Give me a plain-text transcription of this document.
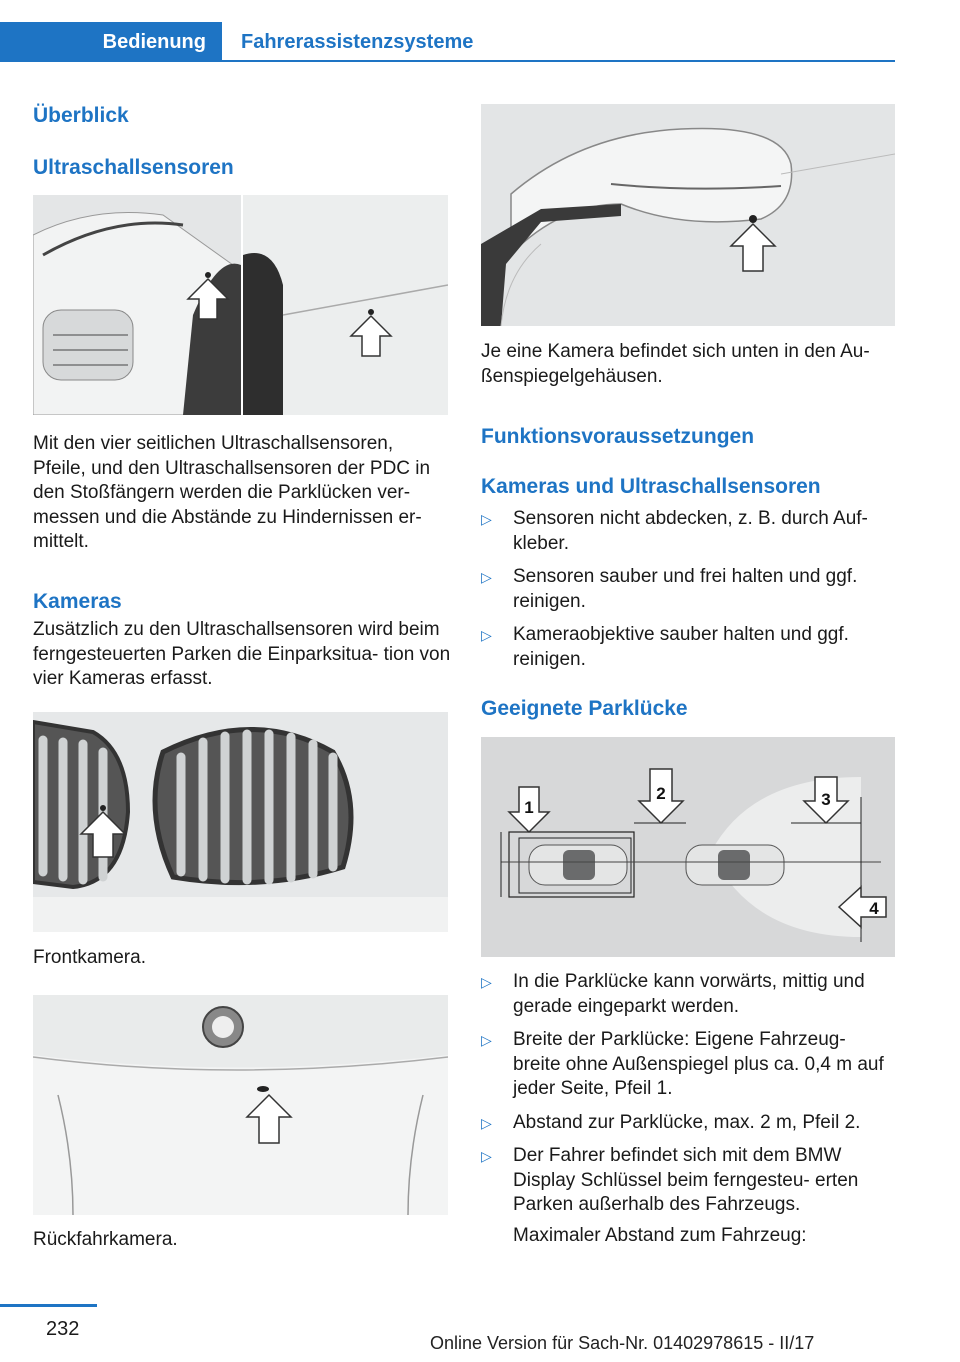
Bedienung	Fahrerassistenzsysteme
Überblick
Ultraschallsensoren
Mit den vier seitlichen Ultraschallsensoren, Pfeile, und den Ultraschallsensoren der PDC in den Stoßfängern werden die Parklücken ver‐ messen und die Abstände zu Hindernissen er‐ mittelt.
Kameras
Zusätzlich zu den Ultraschallsensoren wird beim ferngesteuerten Parken die Einparksitua‐ tion von vier Kameras erfasst.
Frontkamera.
Rückfahrkamera.
Je eine Kamera befindet sich unten in den Au‐ ßenspiegelgehäusen.
Funktionsvoraussetzungen
Kameras und Ultraschallsensoren
▷ Sensoren nicht abdecken, z. B. durch Auf‐ kleber.
▷ Sensoren sauber und frei halten und ggf. reinigen.
▷ Kameraobjektive sauber halten und ggf. reinigen.
Geeignete Parklücke
1
2	3
4
▷ In die Parklücke kann vorwärts, mittig und gerade eingeparkt werden.
▷ Breite der Parklücke: Eigene Fahrzeug‐ breite ohne Außenspiegel plus ca. 0,4 m auf jeder Seite, Pfeil 1.
▷ Abstand zur Parklücke, max. 2 m, Pfeil 2.
▷ Der Fahrer befindet sich mit dem BMW Display Schlüssel beim ferngesteu‐ erten Parken außerhalb des Fahrzeugs.
Maximaler Abstand zum Fahrzeug:
232
Online Version für Sach-Nr. 01402978615 - II/17
